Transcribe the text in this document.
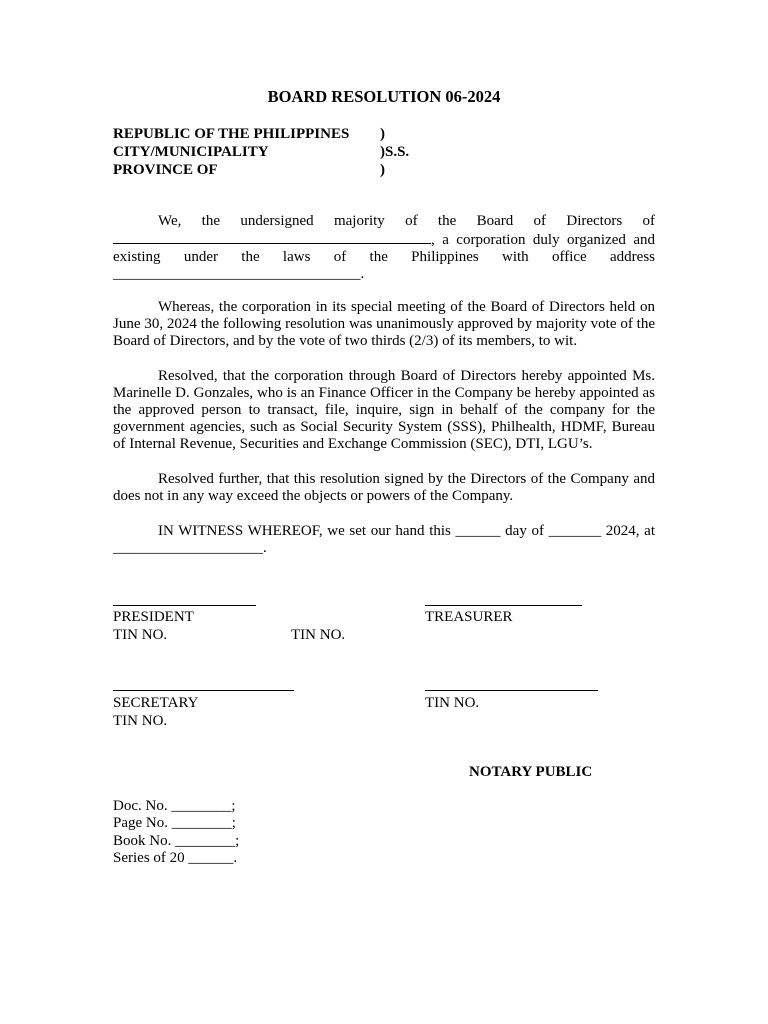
BOARD RESOLUTION 06-2024
REPUBLIC OF THE PHILIPPINES )
CITY/MUNICIPALITY	)S.S.
PROVINCE OF	)
We, the undersigned majority of the Board of Directors of
, a corporation duly organized and
existing under the laws of the Philippines with office address
_________________________________.
Whereas, the corporation in its special meeting of the Board of Directors held on June 30, 2024 the following resolution was unanimously approved by majority vote of the Board of Directors, and by the vote of two thirds (2/3) of its members, to wit.
Resolved, that the corporation through Board of Directors hereby appointed Ms. Marinelle D. Gonzales, who is an Finance Officer in the Company be hereby appointed as the approved person to transact, file, inquire, sign in behalf of the company for the government agencies, such as Social Security System (SSS), Philhealth, HDMF, Bureau of Internal Revenue, Securities and Exchange Commission (SEC), DTI, LGU’s.
Resolved further, that this resolution signed by the Directors of the Company and does not in any way exceed the objects or powers of the Company.
IN WITNESS WHEREOF, we set our hand this ______ day of _______ 2024, at
____________________.
PRESIDENT	TREASURER
TIN NO.	TIN NO.
SECRETARY	TIN NO.
TIN NO.
NOTARY PUBLIC
Doc. No. ________;
Page No. ________;
Book No. ________;
Series of 20 ______.
